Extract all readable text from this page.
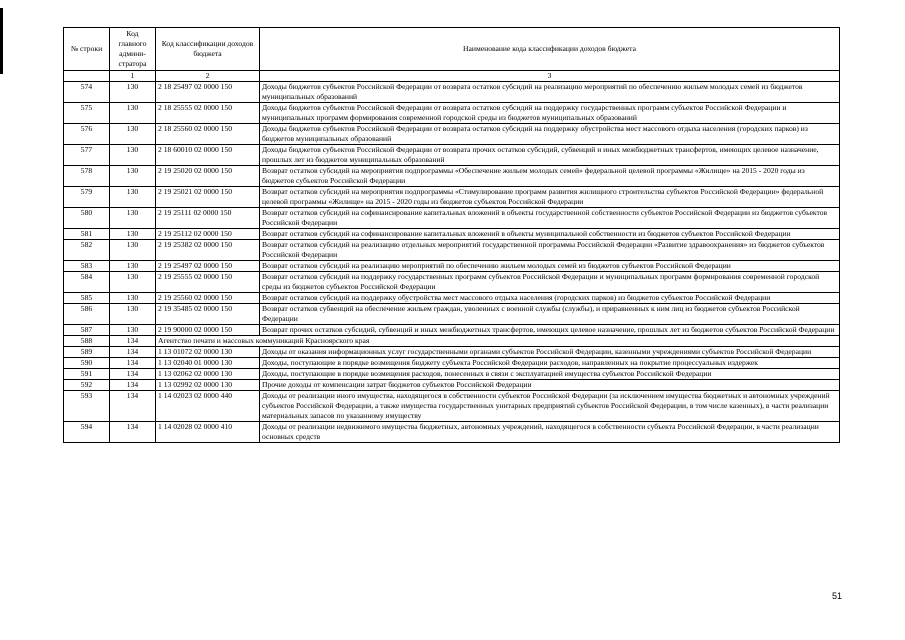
№ строки	Код главного админи-стратора	Код классификации доходов бюджета	Наименование кода классификации доходов бюджета
	1	2	3
574	130	2 18 25497 02 0000 150	Доходы бюджетов субъектов Российской Федерации от возврата остатков субсидий на реализацию мероприятий по обеспечению жильем молодых семей из бюджетов муниципальных образований
575	130	2 18 25555 02 0000 150	Доходы бюджетов субъектов Российской Федерации от возврата остатков субсидий на поддержку государственных программ субъектов Российской Федерации и муниципальных программ формирования современной городской среды из бюджетов муниципальных образований
576	130	2 18 25560 02 0000 150	Доходы бюджетов субъектов Российской Федерации от возврата остатков субсидий на поддержку обустройства мест массового отдыха населения (городских парков) из бюджетов муниципальных образований
577	130	2 18 60010 02 0000 150	Доходы бюджетов субъектов Российской Федерации от возврата прочих остатков субсидий, субвенций и иных межбюджетных трансфертов, имеющих целевое назначение, прошлых лет из бюджетов муниципальных образований
578	130	2 19 25020 02 0000 150	Возврат остатков субсидий на мероприятия подпрограммы «Обеспечение жильем молодых семей» федеральной целевой программы «Жилище» на 2015 - 2020 годы из бюджетов субъектов Российской Федерации
579	130	2 19 25021 02 0000 150	Возврат остатков субсидий на мероприятия подпрограммы «Стимулирование программ развития жилищного строительства субъектов Российской Федерации» федеральной целевой программы «Жилище» на 2015 - 2020 годы из бюджетов субъектов Российской Федерации
580	130	2 19 25111 02 0000 150	Возврат остатков субсидий на софинансирование капитальных вложений в объекты государственной собственности субъектов Российской Федерации из бюджетов субъектов Российской Федерации
581	130	2 19 25112 02 0000 150	Возврат остатков субсидий на софинансирование капитальных вложений в объекты муниципальной собственности из бюджетов субъектов Российской Федерации
582	130	2 19 25382 02 0000 150	Возврат остатков субсидий на реализацию отдельных мероприятий государственной программы Российской Федерации «Развитие здравоохранения» из бюджетов субъектов Российской Федерации
583	130	2 19 25497 02 0000 150	Возврат остатков субсидий на реализацию мероприятий по обеспечению жильем молодых семей из бюджетов субъектов Российской Федерации
584	130	2 19 25555 02 0000 150	Возврат остатков субсидий на поддержку государственных программ субъектов Российской Федерации и муниципальных программ формирования современной городской среды из бюджетов субъектов Российской Федерации
585	130	2 19 25560 02 0000 150	Возврат остатков субсидий на поддержку обустройства мест массового отдыха населения (городских парков) из бюджетов субъектов Российской Федерации
586	130	2 19 35485 02 0000 150	Возврат остатков субвенций на обеспечение жильем граждан, уволенных с военной службы (службы), и приравненных к ним лиц из бюджетов субъектов Российской Федерации
587	130	2 19 90000 02 0000 150	Возврат прочих остатков субсидий, субвенций и иных межбюджетных трансфертов, имеющих целевое назначение, прошлых лет из бюджетов субъектов Российской Федерации
588	134	Агентство печати и массовых коммуникаций Красноярского края	
589	134	1 13 01072 02 0000 130	Доходы от оказания информационных услуг государственными органами субъектов Российской Федерации, казенными учреждениями субъектов Российской Федерации
590	134	1 13 02040 01 0000 130	Доходы, поступающие в порядке возмещения бюджету субъекта Российской Федерации расходов, направленных на покрытие процессуальных издержек
591	134	1 13 02062 02 0000 130	Доходы, поступающие в порядке возмещения расходов, понесенных в связи с эксплуатацией имущества субъектов Российской Федерации
592	134	1 13 02992 02 0000 130	Прочие доходы от компенсации затрат бюджетов субъектов Российской Федерации
593	134	1 14 02023 02 0000 440	Доходы от реализации иного имущества, находящегося в собственности субъектов Российской Федерации (за исключением имущества бюджетных и автономных учреждений субъектов Российской Федерации, а также имущества государственных унитарных предприятий субъектов Российской Федерации, в том числе казенных), в части реализации материальных запасов по указанному имуществу
594	134	1 14 02028 02 0000 410	Доходы от реализации недвижимого имущества бюджетных, автономных учреждений, находящегося в собственности субъекта Российской Федерации, в части реализации основных средств
51
